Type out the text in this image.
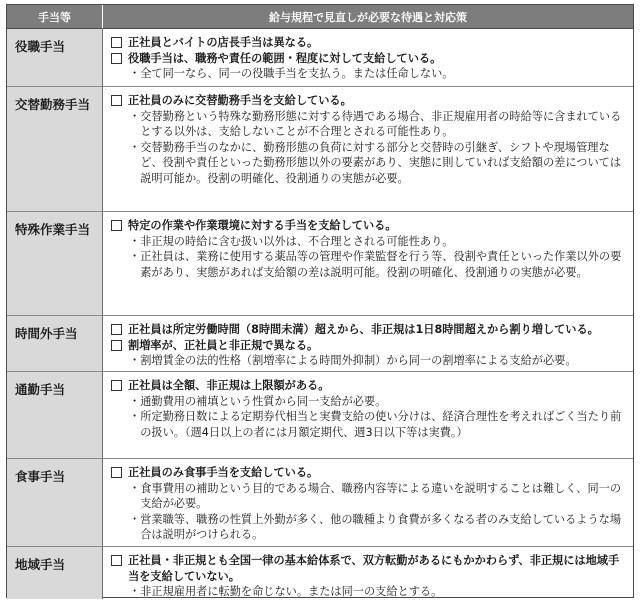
手当等	給与規程で見直しが必要な待遇と対応策
役職手当	正社員とバイトの店長手当は異なる。
役職手当は、職務や責任の範囲・程度に対して支給している。
・ 全て同一なら、同一の役職手当を支払う。または任命しない。
交替勤務手当	正社員のみに交替勤務手当を支給している。
・ 交替勤務という特殊な勤務形態に対する待遇である場合、非正規雇用者の時給等に含まれているとする以外は、支給しないことが不合理とされる可能性あり。
・ 交替勤務手当のなかに、勤務形態の負荷に対する部分と交替時の引継ぎ、シフトや現場管理など、役割や責任といった勤務形態以外の要素があり、実態に則していれば支給額の差については説明可能か。役割の明確化、役割通りの実態が必要。
特殊作業手当	特定の作業や作業環境に対する手当を支給している。
・ 非正規の時給に含む扱い以外は、不合理とされる可能性あり。
・ 正社員は、業務に使用する薬品等の管理や作業監督を行う等、役割や責任といった作業以外の要素があり、実態があれば支給額の差は説明可能。役割の明確化、役割通りの実態が必要。
時間外手当	正社員は所定労働時間（8時間未満）超えから、非正規は1日8時間超えから割り増している。
割増率が、正社員と非正規で異なる。
・ 割増賃金の法的性格（割増率による時間外抑制）から同一の割増率による支給が必要。
通勤手当	正社員は全額、非正規は上限額がある。
・ 通勤費用の補填という性質から同一支給が必要。
・ 所定勤務日数による定期券代相当と実費支給の使い分けは、経済合理性を考えればごく当たり前の扱い。（週4日以上の者には月額定期代、週3日以下等は実費。）
食事手当	正社員のみ食事手当を支給している。
・ 食事費用の補助という目的である場合、職務内容等による違いを説明することは難しく、同一の支給が必要。
・ 営業職等、職務の性質上外勤が多く、他の職種より食費が多くなる者のみ支給しているような場合は説明がつけられる。
地域手当	正社員・非正規とも全国一律の基本給体系で、双方転勤があるにもかかわらず、非正規には地域手当を支給していない。
・ 非正規雇用者に転勤を命じない。または同一の支給とする。
